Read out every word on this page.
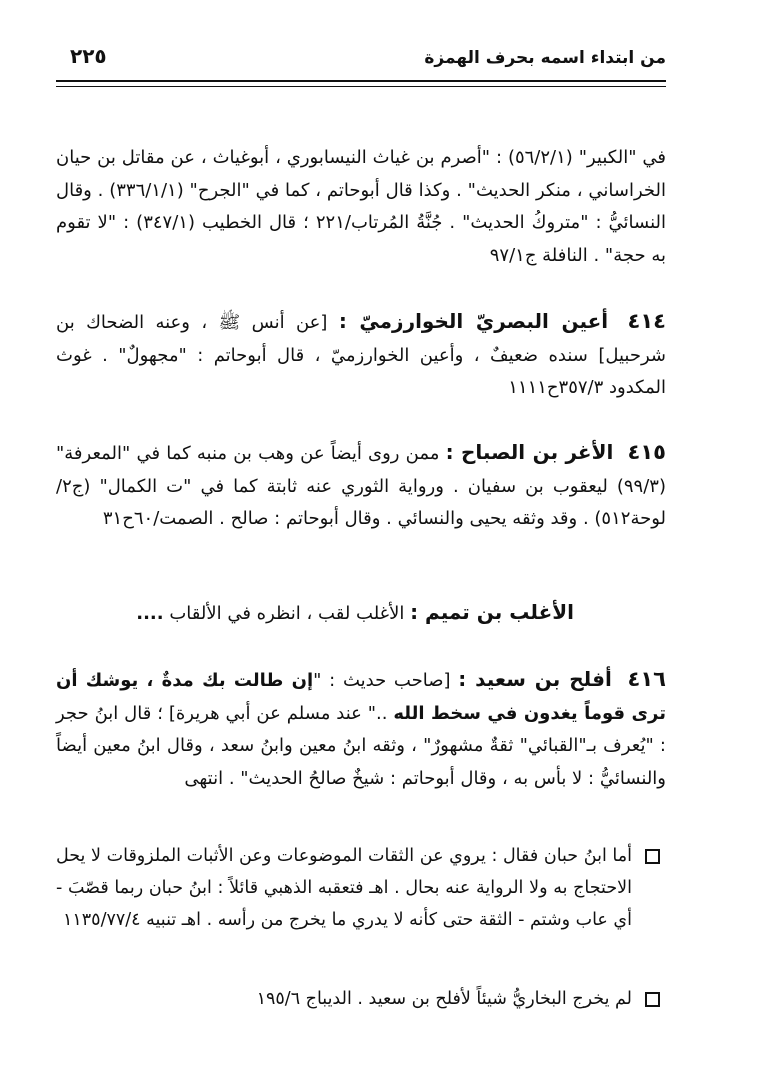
من ابتداء اسمه بحرف الهمزة
٢٢٥

في "الكبير" (٥٦/٢/١) : "أصرم بن غياث النيسابوري ، أبوغياث ، عن مقاتل بن حيان الخراساني ، منكر الحديث" . وكذا قال أبوحاتم ، كما في "الجرح" (٣٣٦/١/١) . وقال النسائيُّ : "متروكُ الحديث" . جُنَّةُ المُرتاب/٢٢١ ؛ قال الخطيب (٣٤٧/١) : "لا تقوم به حجة" . النافلة ج٩٧/١

٤١٤ أعين البصريّ الخوارزميّ : [عن أنس ﷺ ، وعنه الضحاك بن شرحبيل] سنده ضعيفٌ ، وأعين الخوارزميّ ، قال أبوحاتم : "مجهولٌ" . غوث المكدود ٣٥٧/٣ح١١١١

٤١٥ الأغر بن الصباح : ممن روى أيضاً عن وهب بن منبه كما في "المعرفة" (٩٩/٣) ليعقوب بن سفيان . ورواية الثوري عنه ثابتة كما في "ت الكمال" (ج٢/لوحة٥١٢) . وقد وثقه يحيى والنسائي . وقال أبوحاتم : صالح . الصمت/٦٠ح٣١

الأغلب بن تميم : الأغلب لقب ، انظره في الألقاب ....

٤١٦ أفلح بن سعيد : [صاحب حديث : "إن طالت بك مدةٌ ، يوشك أن ترى قوماً يغدون في سخط الله .." عند مسلم عن أبي هريرة] ؛ قال ابنُ حجر : "يُعرف بـ"القبائي" ثقةٌ مشهورٌ" ، وثقه ابنُ معين وابنُ سعد ، وقال ابنُ معين أيضاً والنسائيُّ : لا بأس به ، وقال أبوحاتم : شيخٌ صالحُ الحديث" . انتهى

أما ابنُ حبان فقال : يروي عن الثقات الموضوعات وعن الأثبات الملزوقات لا يحل الاحتجاج به ولا الرواية عنه بحال . اهـ فتعقبه الذهبي قائلاً : ابنُ حبان ربما قصّبَ - أي عاب وشتم - الثقة حتى كأنه لا يدري ما يخرج من رأسه . اهـ تنبيه ١١٣٥/٧٧/٤
لم يخرج البخاريُّ شيئاً لأفلح بن سعيد . الديباج ١٩٥/٦
